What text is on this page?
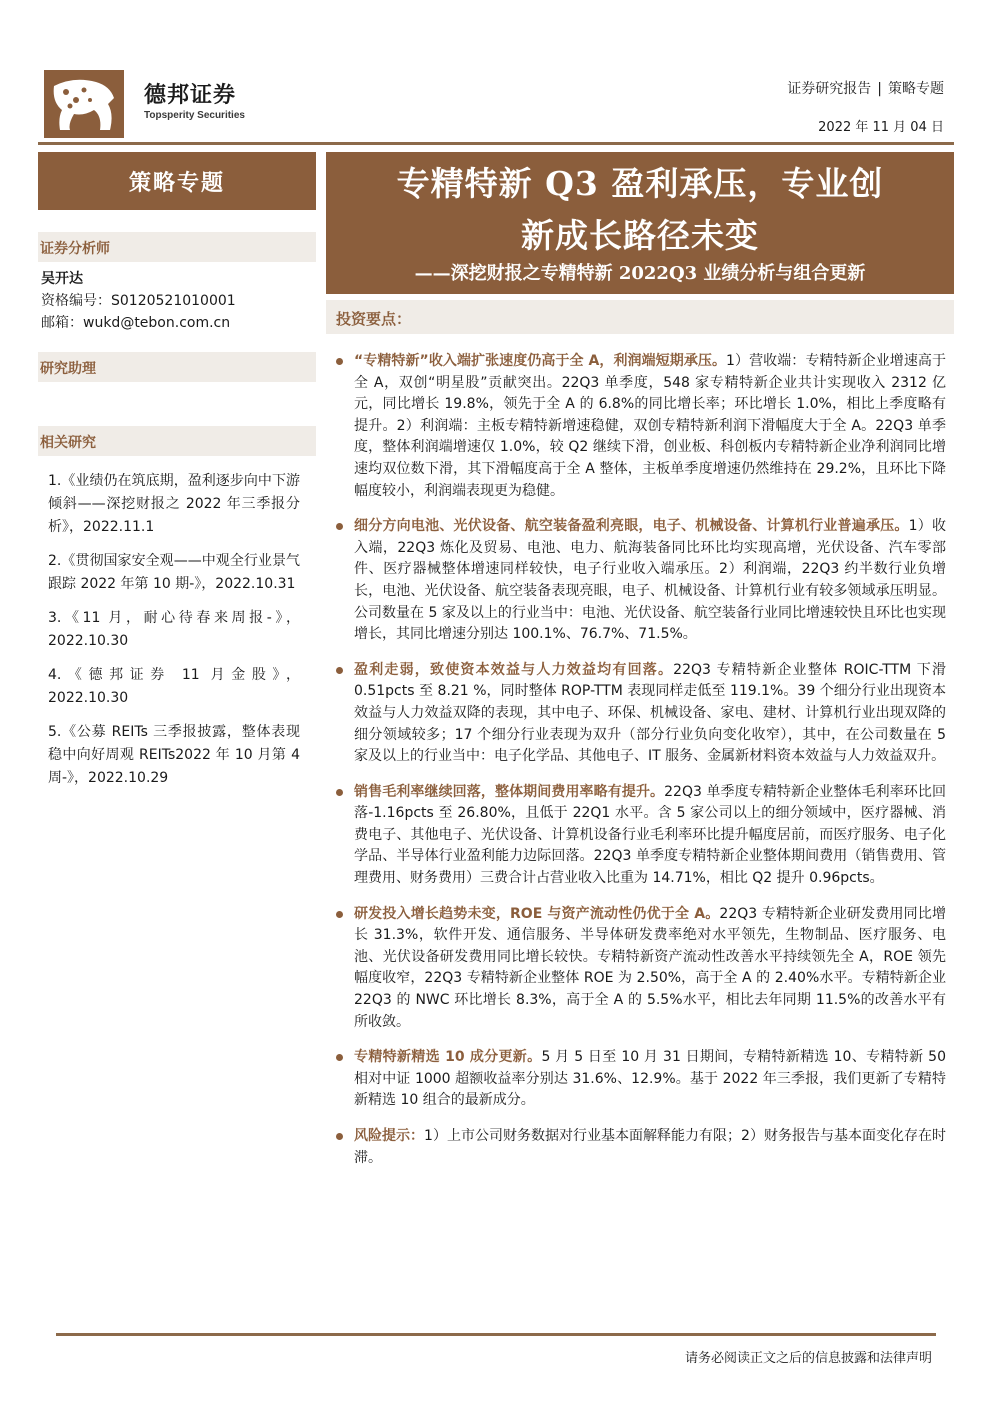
德邦证券
Topsperity Securities
证券研究报告 | 策略专题
2022 年 11 月 04 日
策略专题
证券分析师
吴开达
资格编号：S0120521010001
邮箱：wukd@tebon.com.cn
研究助理
相关研究
1.《业绩仍在筑底期，盈利逐步向中下游倾斜——深挖财报之 2022 年三季报分析》，2022.11.1
2.《贯彻国家安全观——中观全行业景气跟踪 2022 年第 10 期-》，2022.10.31
3.《11 月，耐心待春来周报-》，2022.10.30
4.《德邦证券 11 月金股》，2022.10.30
5.《公募 REITs 三季报披露，整体表现稳中向好周观 REITs2022 年 10 月第 4 周-》，2022.10.29
专精特新 Q3 盈利承压，专业创
新成长路径未变
——深挖财报之专精特新 2022Q3 业绩分析与组合更新
投资要点：
“专精特新”收入端扩张速度仍高于全 A，利润端短期承压。1）营收端：专精特新企业增速高于全 A，双创“明星股”贡献突出。22Q3 单季度，548 家专精特新企业共计实现收入 2312 亿元，同比增长 19.8%，领先于全 A 的 6.8%的同比增长率；环比增长 1.0%，相比上季度略有提升。2）利润端：主板专精特新增速稳健，双创专精特新利润下滑幅度大于全 A。22Q3 单季度，整体利润端增速仅 1.0%，较 Q2 继续下滑，创业板、科创板内专精特新企业净利润同比增速均双位数下滑，其下滑幅度高于全 A 整体，主板单季度增速仍然维持在 29.2%，且环比下降幅度较小，利润端表现更为稳健。
细分方向电池、光伏设备、航空装备盈利亮眼，电子、机械设备、计算机行业普遍承压。1）收入端，22Q3 炼化及贸易、电池、电力、航海装备同比环比均实现高增，光伏设备、汽车零部件、医疗器械整体增速同样较快，电子行业收入端承压。2）利润端，22Q3 约半数行业负增长，电池、光伏设备、航空装备表现亮眼，电子、机械设备、计算机行业有较多领域承压明显。公司数量在 5 家及以上的行业当中：电池、光伏设备、航空装备行业同比增速较快且环比也实现增长，其同比增速分别达 100.1%、76.7%、71.5%。
盈利走弱，致使资本效益与人力效益均有回落。22Q3 专精特新企业整体 ROIC-TTM 下滑 0.51pcts 至 8.21 %，同时整体 ROP-TTM 表现同样走低至 119.1%。39 个细分行业出现资本效益与人力效益双降的表现，其中电子、环保、机械设备、家电、建材、计算机行业出现双降的细分领域较多；17 个细分行业表现为双升（部分行业负向变化收窄），其中，在公司数量在 5 家及以上的行业当中：电子化学品、其他电子、IT 服务、金属新材料资本效益与人力效益双升。
销售毛利率继续回落，整体期间费用率略有提升。22Q3 单季度专精特新企业整体毛利率环比回落-1.16pcts 至 26.80%，且低于 22Q1 水平。含 5 家公司以上的细分领域中，医疗器械、消费电子、其他电子、光伏设备、计算机设备行业毛利率环比提升幅度居前，而医疗服务、电子化学品、半导体行业盈利能力边际回落。22Q3 单季度专精特新企业整体期间费用（销售费用、管理费用、财务费用）三费合计占营业收入比重为 14.71%，相比 Q2 提升 0.96pcts。
研发投入增长趋势未变，ROE 与资产流动性仍优于全 A。22Q3 专精特新企业研发费用同比增长 31.3%，软件开发、通信服务、半导体研发费率绝对水平领先，生物制品、医疗服务、电池、光伏设备研发费用同比增长较快。专精特新资产流动性改善水平持续领先全 A，ROE 领先幅度收窄，22Q3 专精特新企业整体 ROE 为 2.50%，高于全 A 的 2.40%水平。专精特新企业 22Q3 的 NWC 环比增长 8.3%，高于全 A 的 5.5%水平，相比去年同期 11.5%的改善水平有所收敛。
专精特新精选 10 成分更新。5 月 5 日至 10 月 31 日期间，专精特新精选 10、专精特新 50 相对中证 1000 超额收益率分别达 31.6%、12.9%。基于 2022 年三季报，我们更新了专精特新精选 10 组合的最新成分。
风险提示：1）上市公司财务数据对行业基本面解释能力有限；2）财务报告与基本面变化存在时滞。
请务必阅读正文之后的信息披露和法律声明
